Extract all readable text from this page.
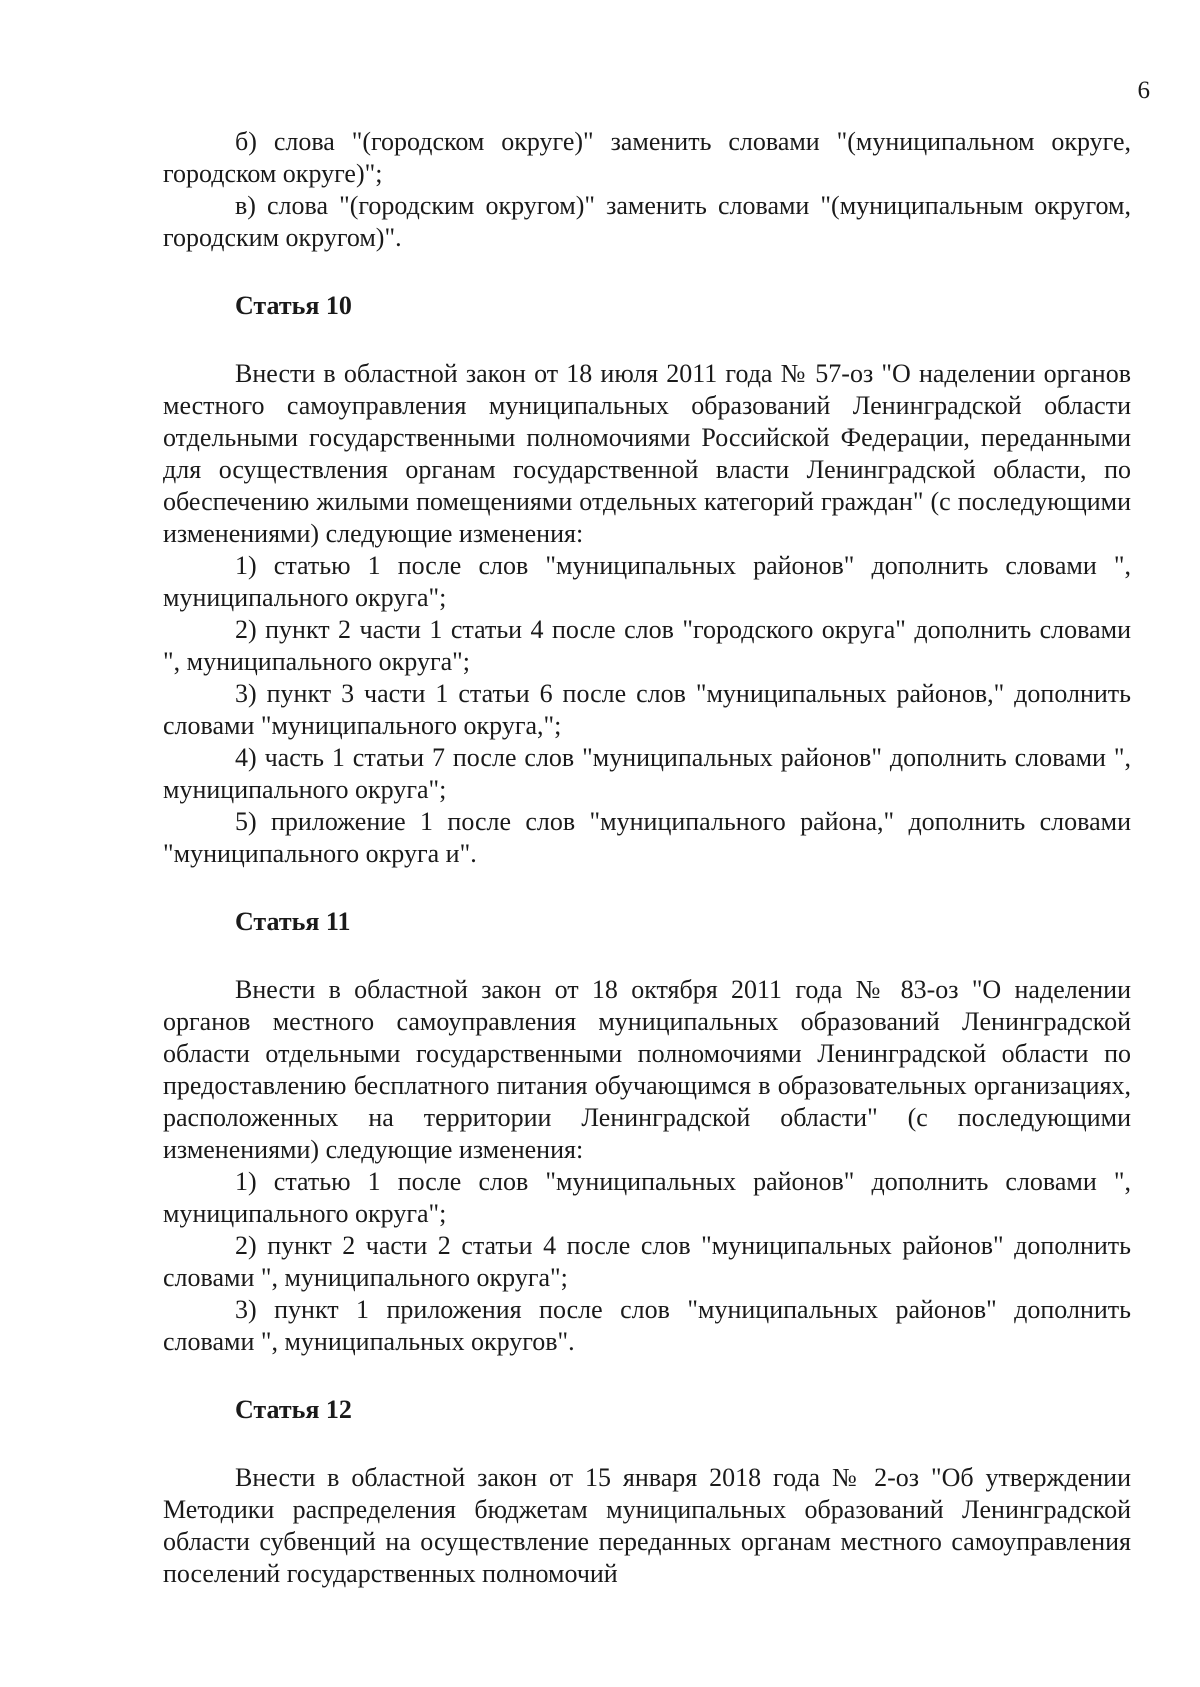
6

б) слова "(городском округе)" заменить словами "(муниципальном округе, городском округе)";

в) слова "(городским округом)" заменить словами "(муниципальным округом, городским округом)".

Статья 10

Внести в областной закон от 18 июля 2011 года № 57-оз "О наделении органов местного самоуправления муниципальных образований Ленинградской области отдельными государственными полномочиями Российской Федерации, переданными для осуществления органам государственной власти Ленинградской области, по обеспечению жилыми помещениями отдельных категорий граждан" (с последующими изменениями) следующие изменения:

1) статью 1 после слов "муниципальных районов" дополнить словами ", муниципального округа";

2) пункт 2 части 1 статьи 4 после слов "городского округа" дополнить словами ", муниципального округа";

3) пункт 3 части 1 статьи 6 после слов "муниципальных районов," дополнить словами "муниципального округа,";

4) часть 1 статьи 7 после слов "муниципальных районов" дополнить словами ", муниципального округа";

5) приложение 1 после слов "муниципального района," дополнить словами "муниципального округа и".

Статья 11

Внести в областной закон от 18 октября 2011 года № 83-оз "О наделении органов местного самоуправления муниципальных образований Ленинградской области отдельными государственными полномочиями Ленинградской области по предоставлению бесплатного питания обучающимся в образовательных организациях, расположенных на территории Ленинградской области" (с последующими изменениями) следующие изменения:

1) статью 1 после слов "муниципальных районов" дополнить словами ", муниципального округа";

2) пункт 2 части 2 статьи 4 после слов "муниципальных районов" дополнить словами ", муниципального округа";

3) пункт 1 приложения после слов "муниципальных районов" дополнить словами ", муниципальных округов".

Статья 12

Внести в областной закон от 15 января 2018 года № 2-оз "Об утверждении Методики распределения бюджетам муниципальных образований Ленинградской области субвенций на осуществление переданных органам местного самоуправления поселений государственных полномочий
